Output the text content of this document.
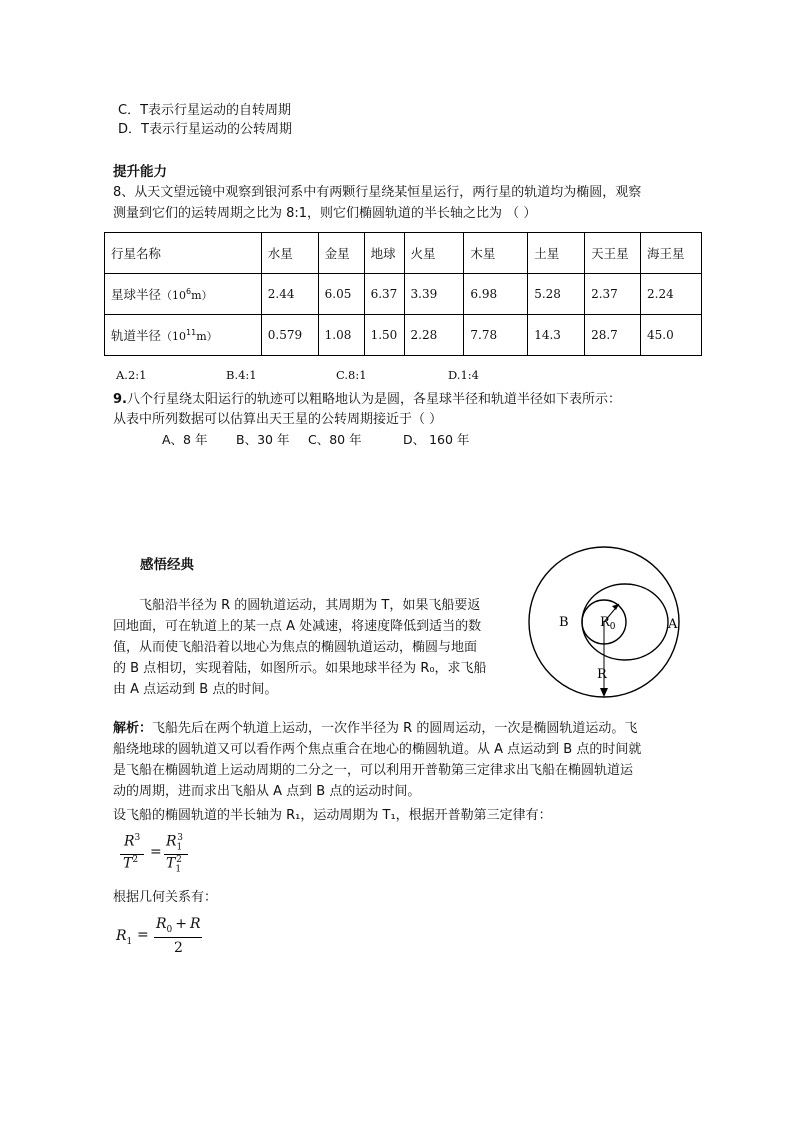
C．T表示行星运动的自转周期
D．T表示行星运动的公转周期
提升能力
8、从天文望远镜中观察到银河系中有两颗行星绕某恒星运行，两行星的轨道均为椭圆，观察
测量到它们的运转周期之比为 8:1，则它们椭圆轨道的半长轴之比为 （ ）
行星名称	水星	金星	地球	火星	木星	土星	天王星	海王星
星球半径$(10^6m)$	2.44	6.05	6.37	3.39	6.98	5.28	2.37	2.24
轨道半径$(10^{11}m)$	0.579	1.08	1.50	2.28	7.78	14.3	28.7	45.0
A.2:1	B.4:1	C.8:1	D.1:4
9.八个行星绕太阳运行的轨迹可以粗略地认为是圆，各星球半径和轨道半径如下表所示：
从表中所列数据可以估算出天王星的公转周期接近于（ ）
A、8 年 B、30 年 C、80 年	D、 160 年
感悟经典
飞船沿半径为 R 的圆轨道运动，其周期为 T，如果飞船要返
回地面，可在轨道上的某一点 A 处减速，将速度降低到适当的数
值，从而使飞船沿着以地心为焦点的椭圆轨道运动，椭圆与地面
的 B 点相切，实现着陆，如图所示。如果地球半径为 R₀，求飞船
由 A 点运动到 B 点的时间。
B	A
$R_0$
R
解析：飞船先后在两个轨道上运动，一次作半径为 R 的圆周运动，一次是椭圆轨道运动。飞
船绕地球的圆轨道又可以看作两个焦点重合在地心的椭圆轨道。从 A 点运动到 B 点的时间就
是飞船在椭圆轨道上运动周期的二分之一，可以利用开普勒第三定律求出飞船在椭圆轨道运
动的周期，进而求出飞船从 A 点到 B 点的运动时间。
设飞船的椭圆轨道的半长轴为 R₁，运动周期为 T₁，根据开普勒第三定律有：
$R^3$
$T^2$ =
$R_1^3$
$T_1^2$
根据几何关系有：
$R_1$ =
$R_0 + R$
2
